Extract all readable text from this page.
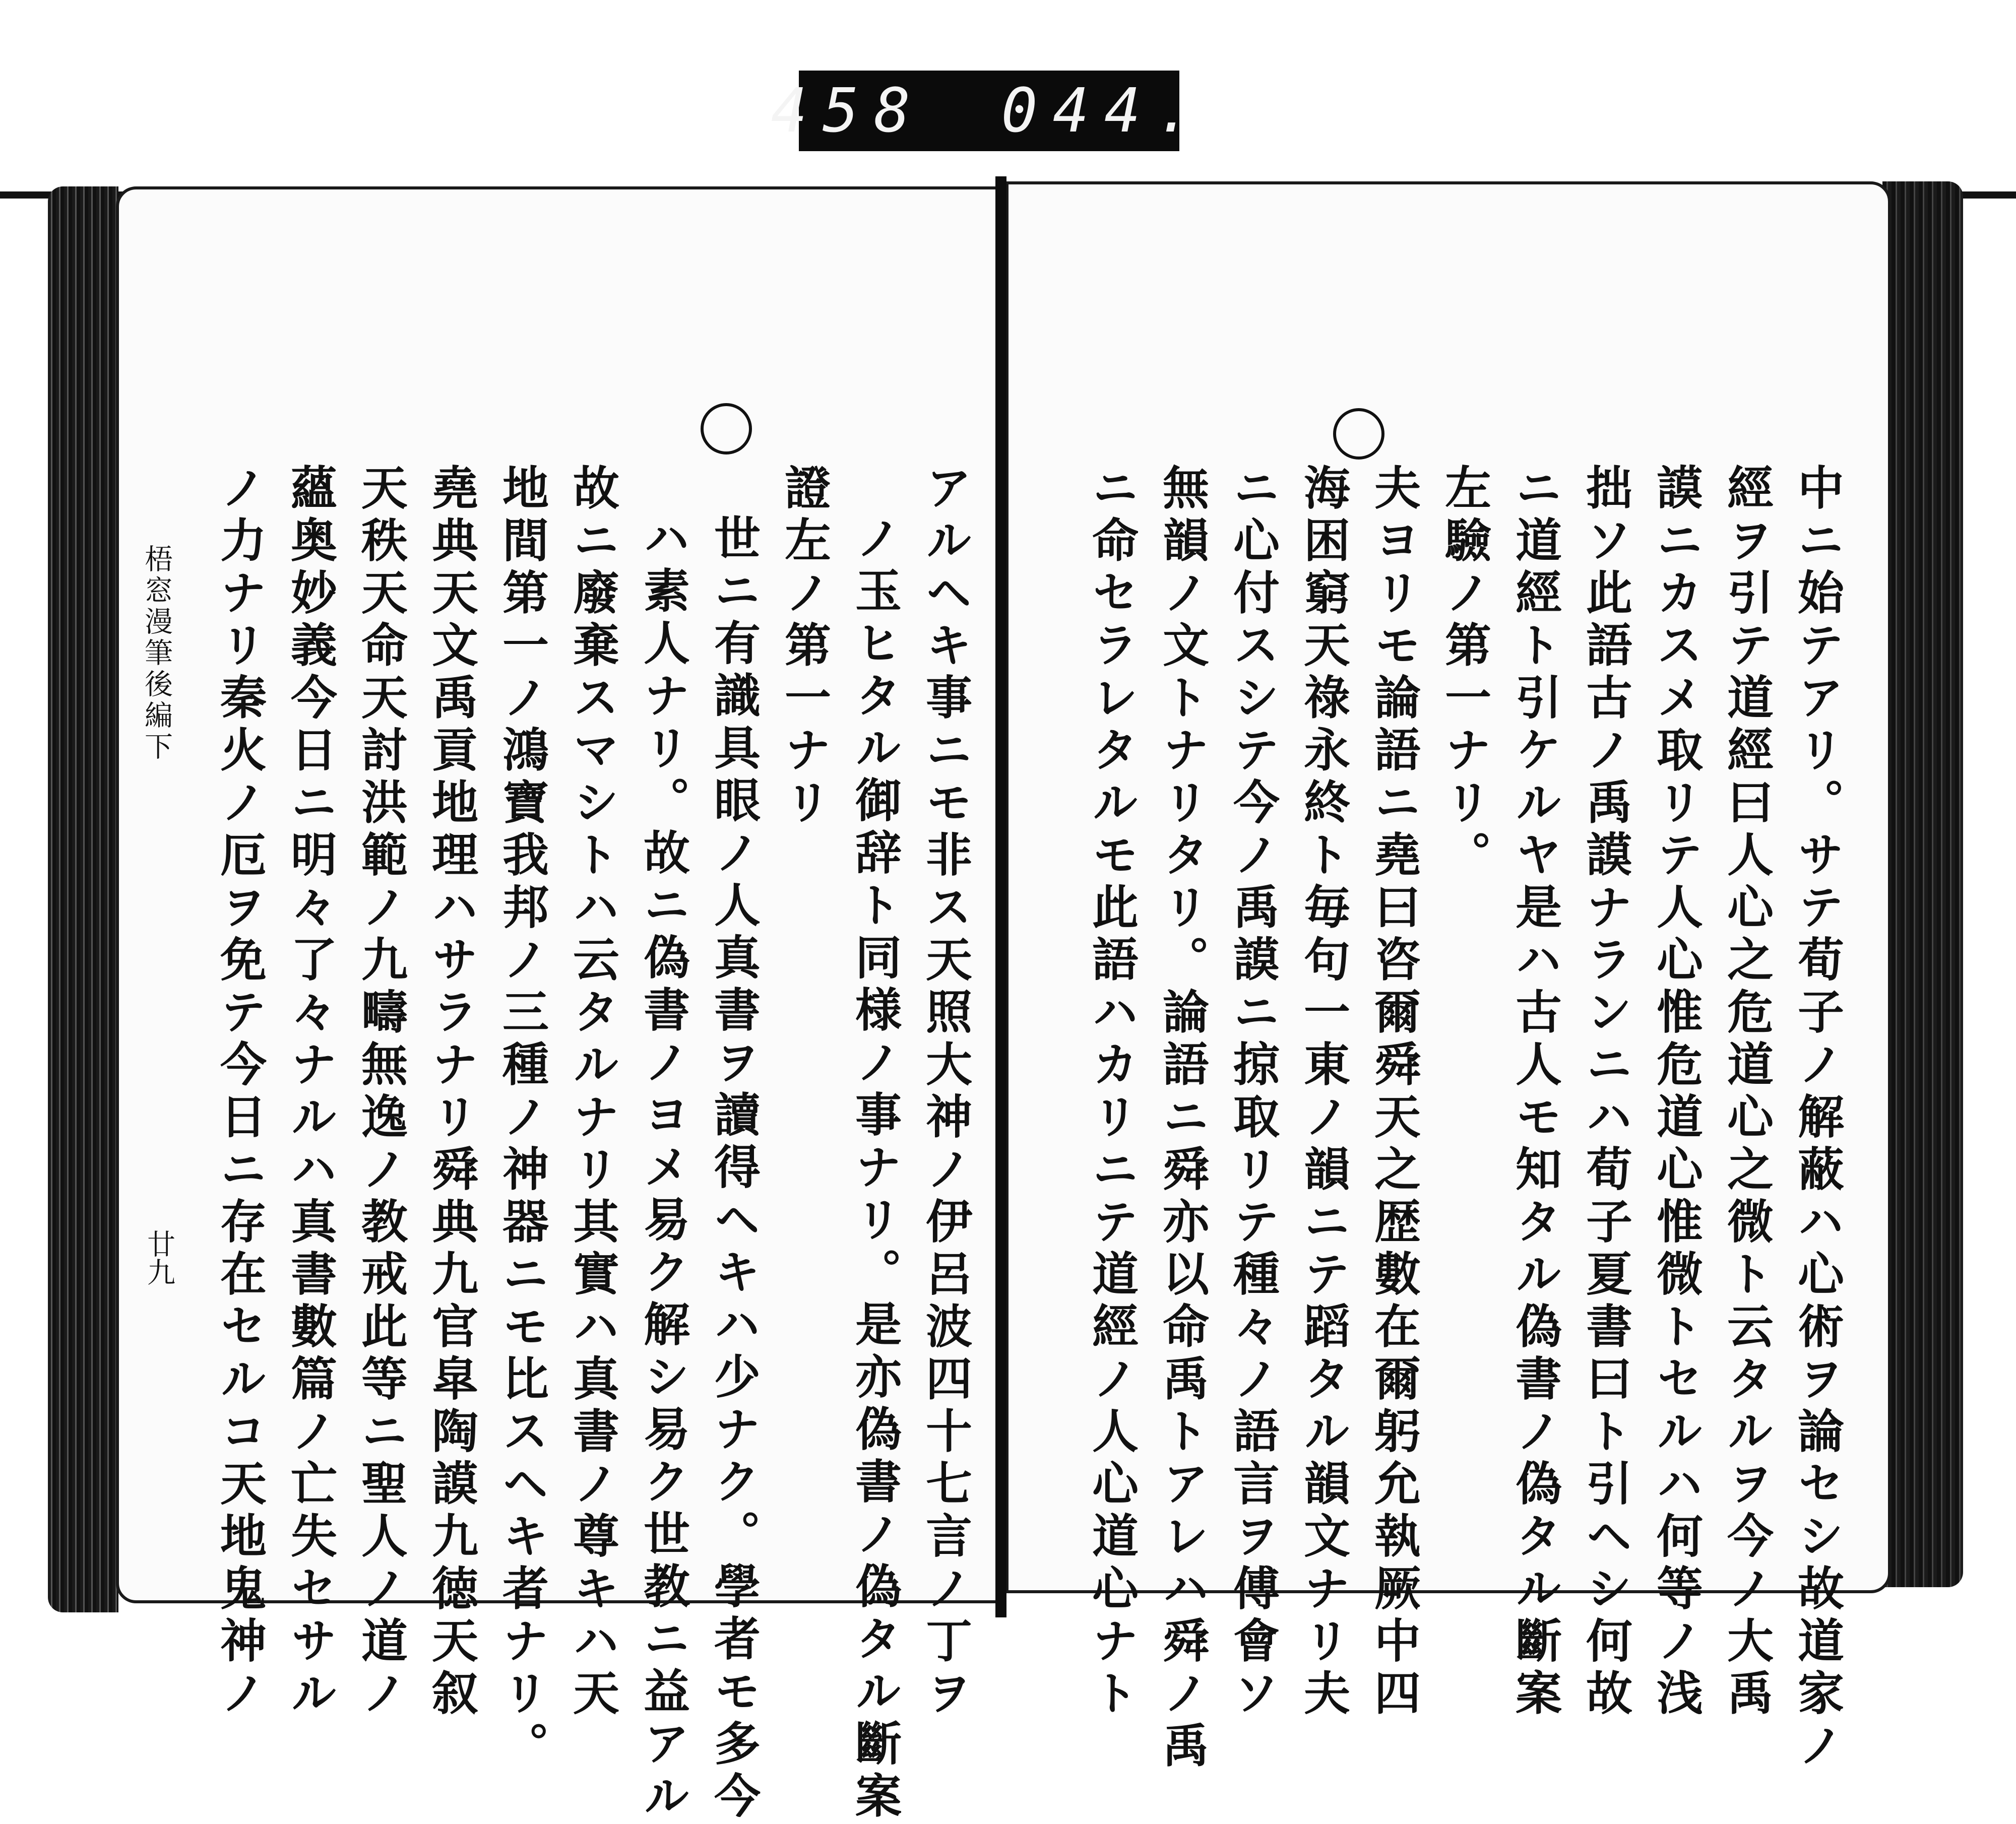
458 044.
梧窓漫筆後編下
廿九	アルヘキ事ニモ非ス天照大神ノ伊呂波四十七言ノ丁ヲ
ノ玉ヒタル御辞ト同様ノ事ナリ。是亦偽書ノ偽タル斷案
證左ノ第一ナリ
世ニ有識具眼ノ人真書ヲ讀得ヘキハ少ナク。學者モ多今
ハ素人ナリ。故ニ偽書ノヨメ易ク解シ易ク世教ニ益アル
故ニ廢棄スマシトハ云タルナリ其實ハ真書ノ尊キハ天
地間第一ノ鴻寶我邦ノ三種ノ神器ニモ比スヘキ者ナリ。
堯典天文禹貢地理ハサラナリ舜典九官皐陶謨九徳天叙
天秩天命天討洪範ノ九疇無逸ノ教戒此等ニ聖人ノ道ノ
蘊奥妙義今日ニ明々了々ナルハ真書數篇ノ亡失セサル
ノ力ナリ秦火ノ厄ヲ免テ今日ニ存在セルコ天地鬼神ノ	中ニ始テアリ。サテ荀子ノ解蔽ハ心術ヲ論セシ故道家ノ
經ヲ引テ道經曰人心之危道心之微ト云タルヲ今ノ大禹
謨ニカスメ取リテ人心惟危道心惟微トセルハ何等ノ浅
拙ソ此語古ノ禹謨ナランニハ荀子夏書曰ト引ヘシ何故
ニ道經ト引ケルヤ是ハ古人モ知タル偽書ノ偽タル斷案
左驗ノ第一ナリ。
夫ヨリモ論語ニ堯曰咨爾舜天之歴數在爾躬允執厥中四
海困窮天祿永終ト毎句一東ノ韻ニテ蹈タル韻文ナリ夫
ニ心付スシテ今ノ禹謨ニ掠取リテ種々ノ語言ヲ傅會ソ
無韻ノ文トナリタリ。論語ニ舜亦以命禹トアレハ舜ノ禹
ニ命セラレタルモ此語ハカリニテ道經ノ人心道心ナト
